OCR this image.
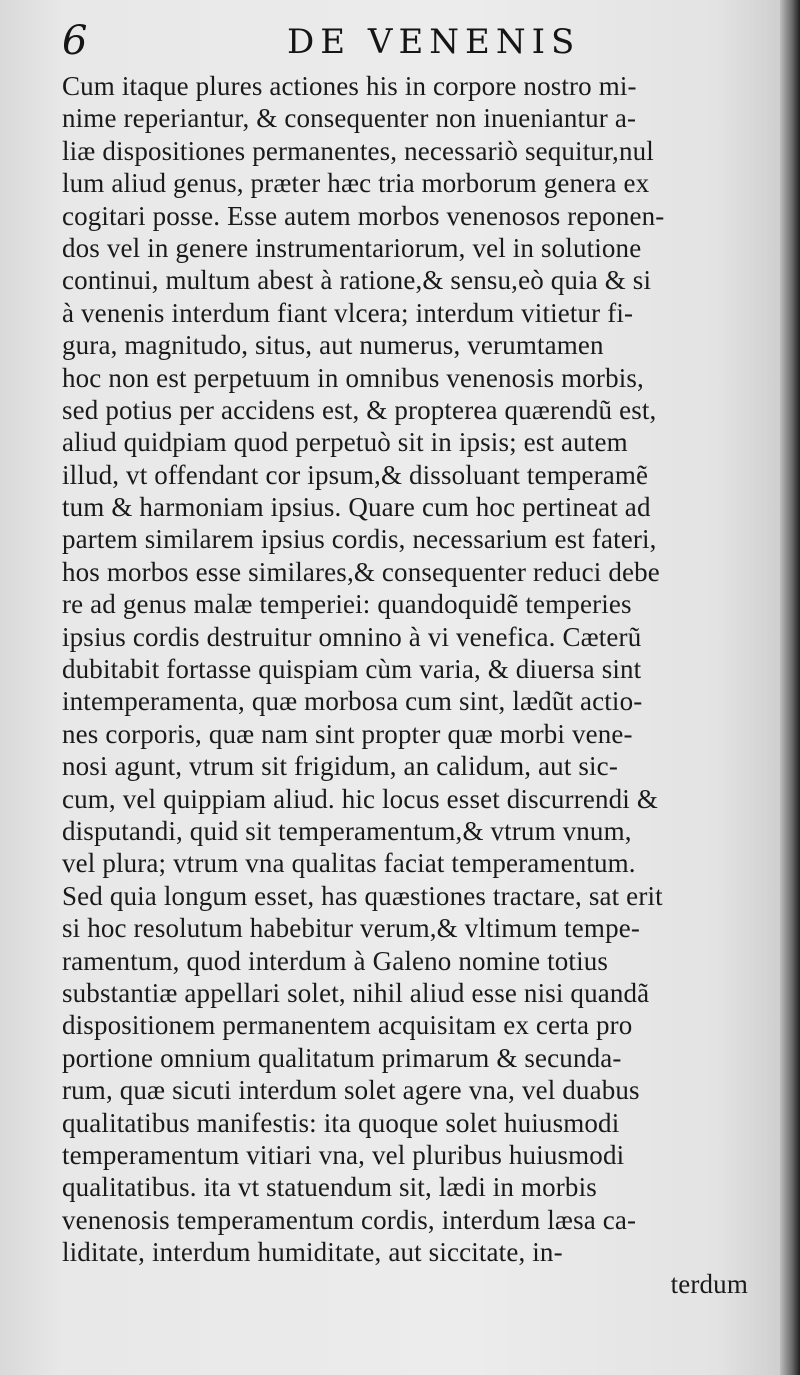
6	DE VENENIS
Cum itaque plures actiones his in corpore nostro mi-
nime reperiantur, & consequenter non inueniantur a-
liæ dispositiones permanentes, necessariò sequitur,nul
lum aliud genus, præter hæc tria morborum genera ex
cogitari posse. Esse autem morbos venenosos reponen-
dos vel in genere instrumentariorum, vel in solutione
continui, multum abest à ratione,& sensu,eò quia & si
à venenis interdum fiant vlcera; interdum vitietur fi-
gura, magnitudo, situs, aut numerus, verumtamen
hoc non est perpetuum in omnibus venenosis morbis,
sed potius per accidens est, & propterea quærendũ est,
aliud quidpiam quod perpetuò sit in ipsis; est autem
illud, vt offendant cor ipsum,& dissoluant temperamẽ
tum & harmoniam ipsius. Quare cum hoc pertineat ad
partem similarem ipsius cordis, necessarium est fateri,
hos morbos esse similares,& consequenter reduci debe
re ad genus malæ temperiei: quandoquidẽ temperies
ipsius cordis destruitur omnino à vi venefica. Cæterũ
dubitabit fortasse quispiam cùm varia, & diuersa sint
intemperamenta, quæ morbosa cum sint, lædũt actio-
nes corporis, quæ nam sint propter quæ morbi vene-
nosi agunt, vtrum sit frigidum, an calidum, aut sic-
cum, vel quippiam aliud. hic locus esset discurrendi &
disputandi, quid sit temperamentum,& vtrum vnum,
vel plura; vtrum vna qualitas faciat temperamentum.
Sed quia longum esset, has quæstiones tractare, sat erit
si hoc resolutum habebitur verum,& vltimum tempe-
ramentum, quod interdum à Galeno nomine totius
substantiæ appellari solet, nihil aliud esse nisi quandã
dispositionem permanentem acquisitam ex certa pro
portione omnium qualitatum primarum & secunda-
rum, quæ sicuti interdum solet agere vna, vel duabus
qualitatibus manifestis: ita quoque solet huiusmodi
temperamentum vitiari vna, vel pluribus huiusmodi
qualitatibus. ita vt statuendum sit, lædi in morbis
venenosis temperamentum cordis, interdum læsa ca-
liditate, interdum humiditate, aut siccitate, in-
terdum
